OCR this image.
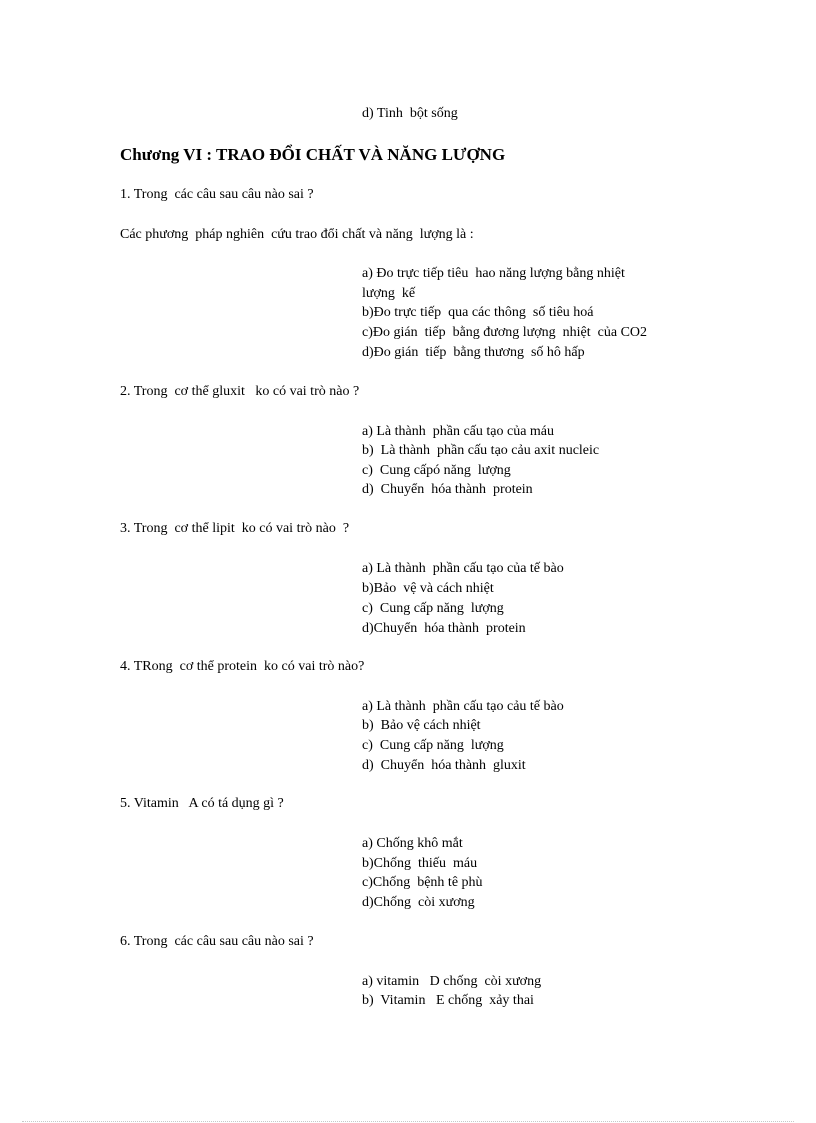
d) Tinh  bột sống
Chương VI : TRAO ĐỔI CHẤT VÀ NĂNG LƯỢNG
1. Trong  các câu sau câu nào sai ?
Các phương  pháp nghiên  cứu trao đổi chất và năng  lượng là :
a) Đo trực tiếp tiêu  hao năng lượng bằng nhiệt
lượng  kế
b)Đo trực tiếp  qua các thông  số tiêu hoá
c)Đo gián  tiếp  bằng đương lượng  nhiệt  của CO2
d)Đo gián  tiếp  bằng thương  số hô hấp
2. Trong  cơ thể gluxit   ko có vai trò nào ?
a) Là thành  phần cấu tạo của máu
b)  Là thành  phần cấu tạo cảu axit nucleic
c)  Cung cấpó năng  lượng
d)  Chuyển  hóa thành  protein
3. Trong  cơ thể lipit  ko có vai trò nào  ?
a) Là thành  phần cấu tạo của tế bào
b)Bảo  vệ và cách nhiệt
c)  Cung cấp năng  lượng
d)Chuyển  hóa thành  protein
4. TRong  cơ thể protein  ko có vai trò nào?
a) Là thành  phần cấu tạo cảu tế bào
b)  Bảo vệ cách nhiệt
c)  Cung cấp năng  lượng
d)  Chuyển  hóa thành  gluxit
5. Vitamin   A có tá dụng gì ?
a) Chống khô mắt
b)Chống  thiếu  máu
c)Chống  bệnh tê phù
d)Chống  còi xương
6. Trong  các câu sau câu nào sai ?
a) vitamin   D chống  còi xương
b)  Vitamin   E chống  xảy thai
